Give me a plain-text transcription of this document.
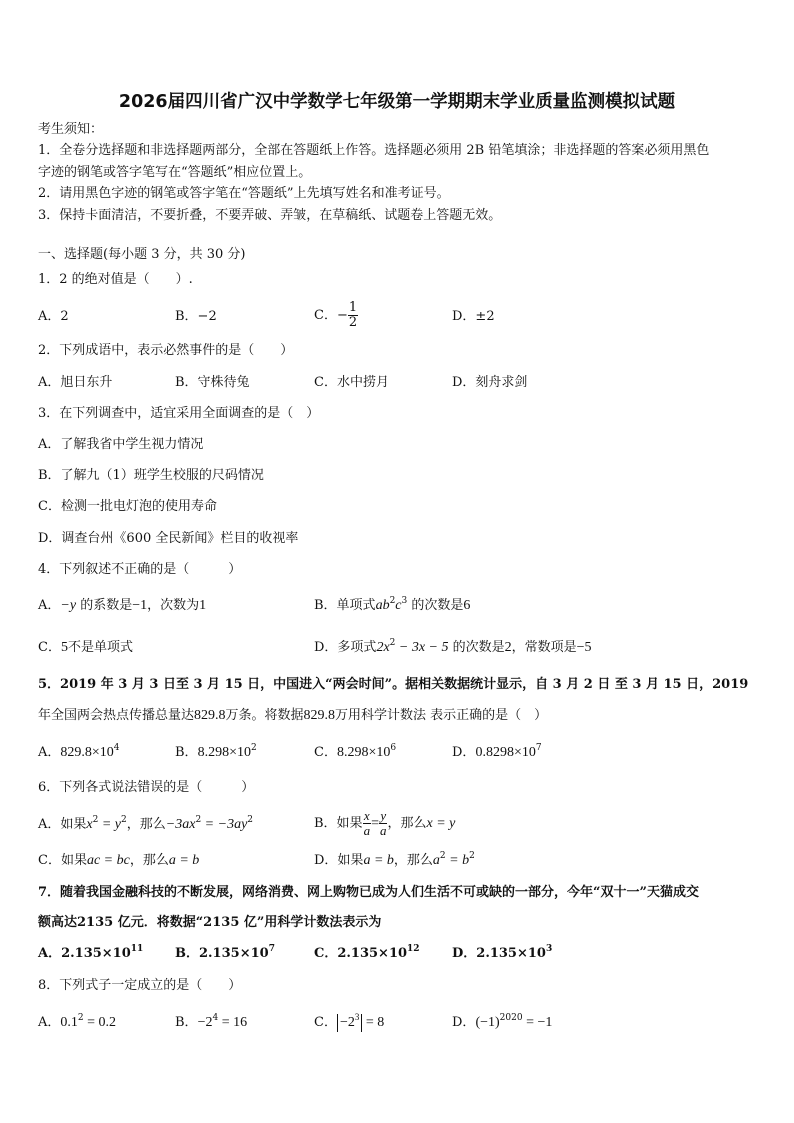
2026届四川省广汉中学数学七年级第一学期期末学业质量监测模拟试题
考生须知：
1．全卷分选择题和非选择题两部分，全部在答题纸上作答。选择题必须用 2B 铅笔填涂；非选择题的答案必须用黑色
字迹的钢笔或答字笔写在“答题纸”相应位置上。
2．请用黑色字迹的钢笔或答字笔在“答题纸”上先填写姓名和准考证号。
3．保持卡面清洁，不要折叠，不要弄破、弄皱，在草稿纸、试题卷上答题无效。
一、选择题(每小题 3 分，共 30 分)
1．2 的绝对值是（　　）.
A．2	B．−2	C．− $\frac{1}{2}$	D．±2
2．下列成语中，表示必然事件的是（　　）
A．旭日东升	B．守株待兔	C．水中捞月	D．刻舟求剑
3．在下列调查中，适宜采用全面调查的是（　）
A．了解我省中学生视力情况
B．了解九（1）班学生校服的尺码情况
C．检测一批电灯泡的使用寿命
D．调查台州《600 全民新闻》栏目的收视率
4．下列叙述不正确的是（　　　）
A．−y 的系数是−1，次数为1	B．单项式$ab^2c^3$ 的次数是6
C．5不是单项式	D．多项式$2x^2 - 3x - 5$ 的次数是2，常数项是−5
5．2019 年 3 月 3 日至 3 月 15 日，中国进入“两会时间”。据相关数据统计显示，自 3 月 2 日 至 3 月 15 日，2019
年全国两会热点传播总量达829.8万条。将数据829.8万用科学计数法 表示正确的是（　）
A．$829.8\times 10^4$	B．$8.298\times 10^2$	C．$8.298\times 10^6$	D．$0.8298\times 10^7$
6．下列各式说法错误的是（　　　）
A．如果$x^2 = y^2$，那么$-3ax^2 = -3ay^2$	B．如果 $\frac{x}{a} = \frac{y}{a}$ ，那么x = y
C．如果ac = bc，那么a = b	D．如果a = b，那么$a^2 = b^2$
7．随着我国金融科技的不断发展，网络消费、网上购物已成为人们生活不可或缺的一部分，今年“双十一”天猫成交
额高达2135 亿元．将数据“2135 亿”用科学计数法表示为
A．$2.135\times 10^{11}$ B．$2.135\times 10^7$	C．$2.135\times 10^{12}$ D．$2.135\times 10^3$
8．下列式子一定成立的是（　　）
A．$0.1^2 = 0.2$	B．$-2^4 = 16$	C． $-2^3 = 8$	D．$(-1)^{2020} = -1$
